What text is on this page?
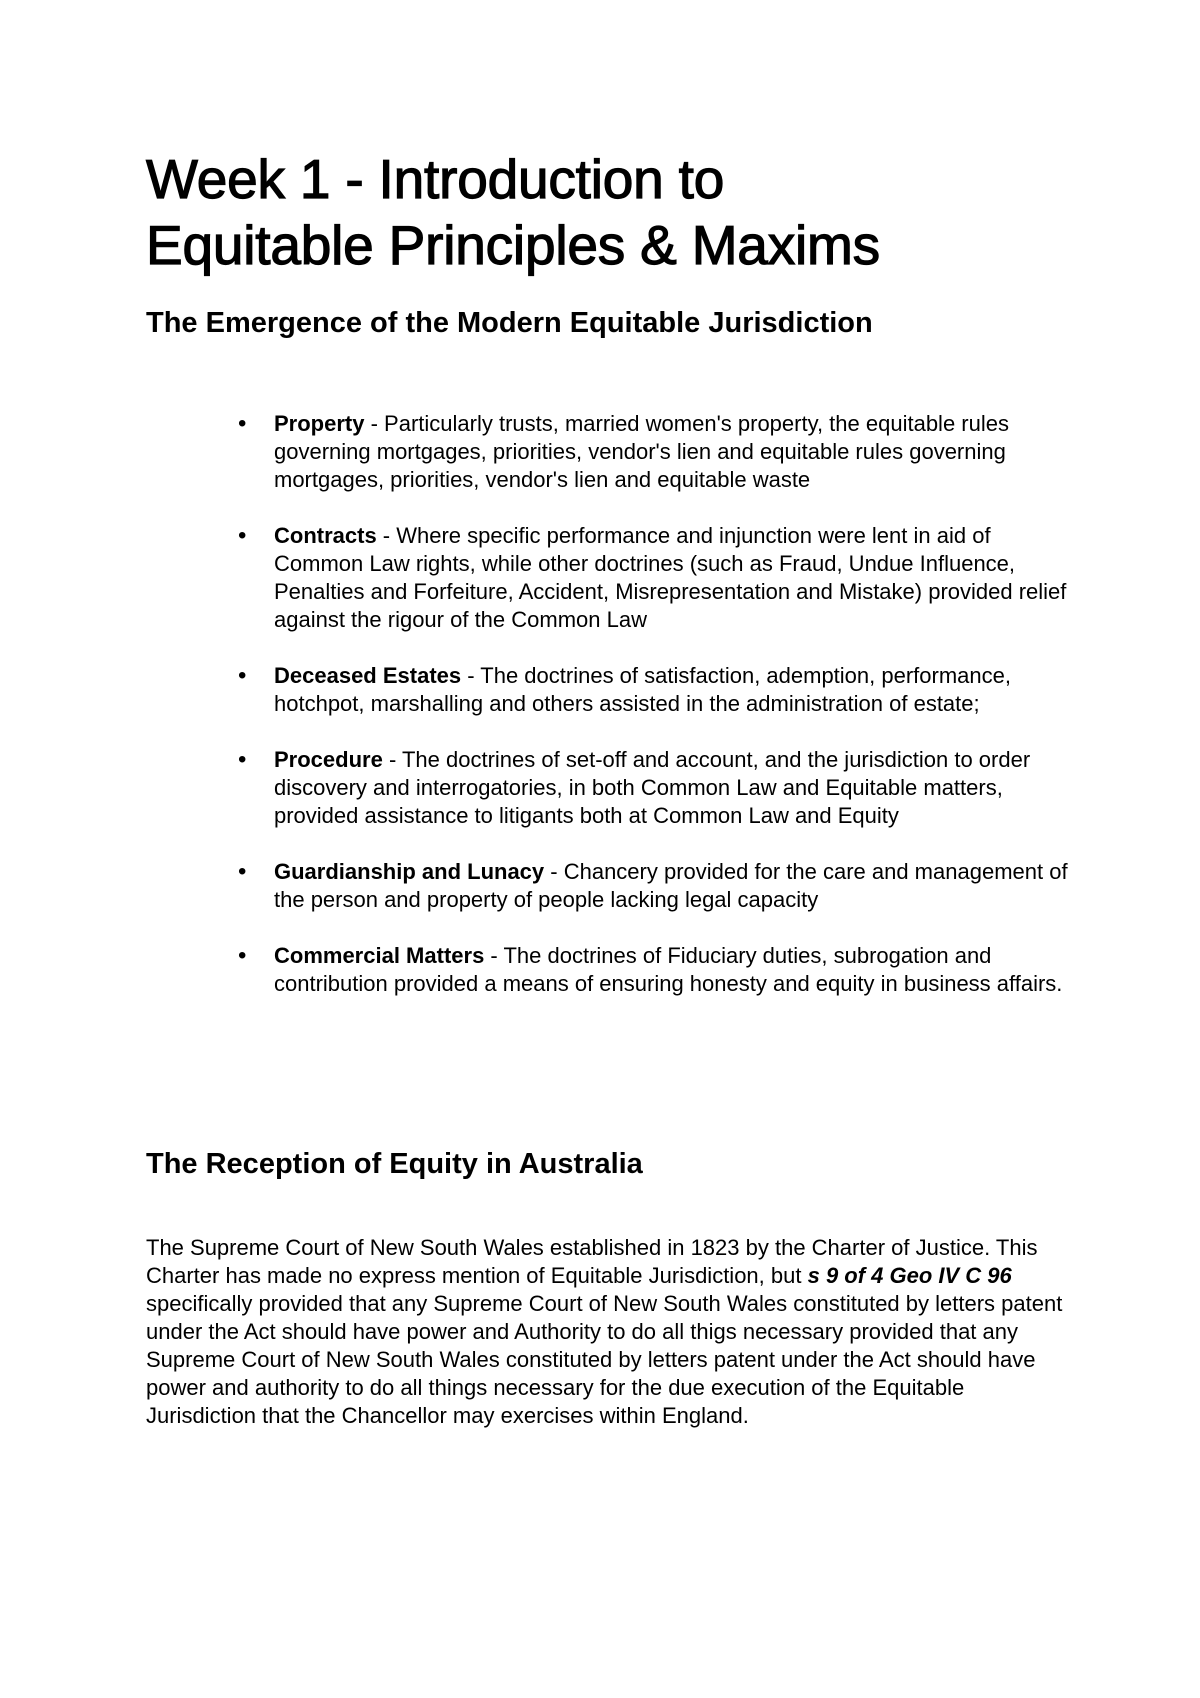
Week 1 - Introduction to
Equitable Principles & Maxims
The Emergence of the Modern Equitable Jurisdiction
• Property - Particularly trusts, married women's property, the equitable rules governing mortgages, priorities, vendor's lien and equitable rules governing mortgages, priorities, vendor's lien and equitable waste
• Contracts - Where specific performance and injunction were lent in aid of Common Law rights, while other doctrines (such as Fraud, Undue Influence, Penalties and Forfeiture, Accident, Misrepresentation and Mistake) provided relief against the rigour of the Common Law
• Deceased Estates - The doctrines of satisfaction, ademption, performance, hotchpot, marshalling and others assisted in the administration of estate;
• Procedure - The doctrines of set-off and account, and the jurisdiction to order discovery and interrogatories, in both Common Law and Equitable matters, provided assistance to litigants both at Common Law and Equity
• Guardianship and Lunacy - Chancery provided for the care and management of the person and property of people lacking legal capacity
• Commercial Matters - The doctrines of Fiduciary duties, subrogation and contribution provided a means of ensuring honesty and equity in business affairs.
The Reception of Equity in Australia

The Supreme Court of New South Wales established in 1823 by the Charter of Justice. This Charter has made no express mention of Equitable Jurisdiction, but s 9 of 4 Geo IV C 96 specifically provided that any Supreme Court of New South Wales constituted by letters patent under the Act should have power and Authority to do all thigs necessary provided that any Supreme Court of New South Wales constituted by letters patent under the Act should have power and authority to do all things necessary for the due execution of the Equitable Jurisdiction that the Chancellor may exercises within England.
